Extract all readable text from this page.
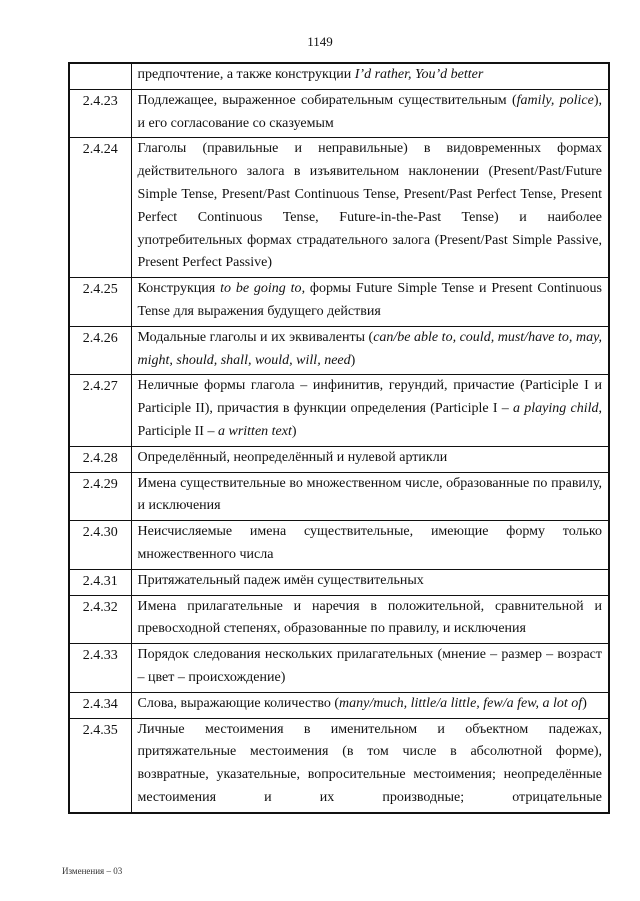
1149
	предпочтение, а также конструкции I’d rather, You’d better
2.4.23	Подлежащее, выраженное собирательным существительным (family, police), и его согласование со сказуемым
2.4.24	Глаголы (правильные и неправильные) в видовременных формах действительного залога в изъявительном наклонении (Present/Past/Future Simple Tense, Present/Past Continuous Tense, Present/Past Perfect Tense, Present Perfect Continuous Tense, Future-in-the-Past Tense) и наиболее употребительных формах страдательного залога (Present/Past Simple Passive, Present Perfect Passive)
2.4.25	Конструкция to be going to, формы Future Simple Tense и Present Continuous Tense для выражения будущего действия
2.4.26	Модальные глаголы и их эквиваленты (can/be able to, could, must/have to, may, might, should, shall, would, will, need)
2.4.27	Неличные формы глагола – инфинитив, герундий, причастие (Participle I и Participle II), причастия в функции определения (Participle I – a playing child, Participle II – a written text)
2.4.28	Определённый, неопределённый и нулевой артикли
2.4.29	Имена существительные во множественном числе, образованные по правилу, и исключения
2.4.30	Неисчисляемые имена существительные, имеющие форму только множественного числа
2.4.31	Притяжательный падеж имён существительных
2.4.32	Имена прилагательные и наречия в положительной, сравнительной и превосходной степенях, образованные по правилу, и исключения
2.4.33	Порядок следования нескольких прилагательных (мнение – размер – возраст – цвет – происхождение)
2.4.34	Слова, выражающие количество (many/much, little/a little, few/a few, a lot of)
2.4.35	Личные местоимения в именительном и объектном падежах, притяжательные местоимения (в том числе в абсолютной форме), возвратные, указательные, вопросительные местоимения; неопределённые местоимения и их производные; отрицательные
Изменения – 03
